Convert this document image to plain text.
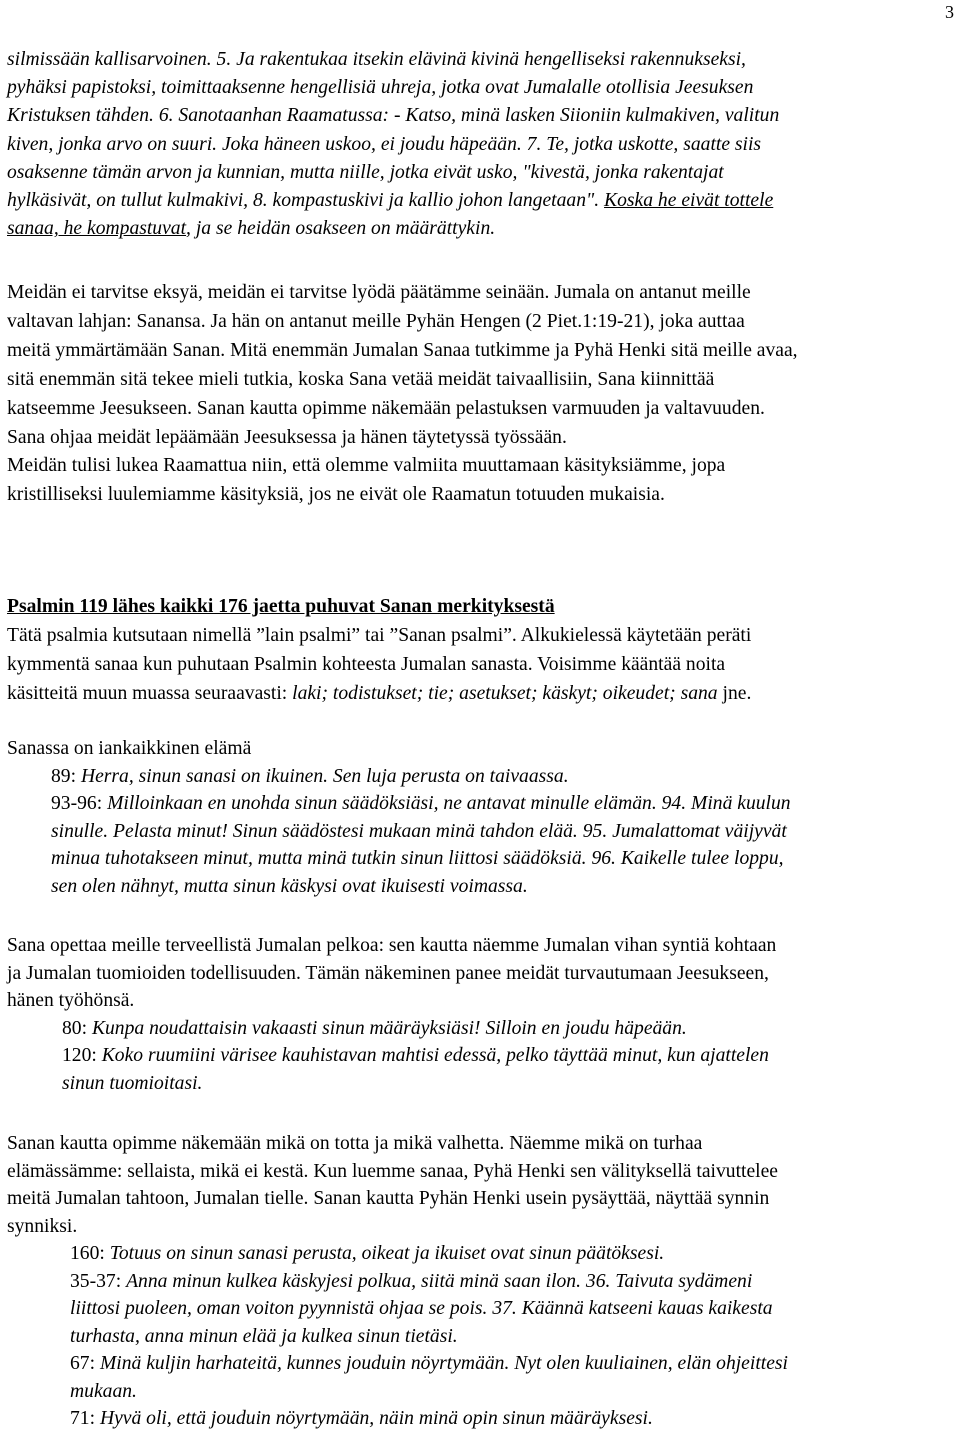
3
silmissään kallisarvoinen. 5. Ja rakentukaa itsekin elävinä kivinä hengelliseksi rakennukseksi,
pyhäksi papistoksi, toimittaaksenne hengellisiä uhreja, jotka ovat Jumalalle otollisia Jeesuksen
Kristuksen tähden. 6. Sanotaanhan Raamatussa: - Katso, minä lasken Siioniin kulmakiven, valitun
kiven, jonka arvo on suuri. Joka häneen uskoo, ei joudu häpeään. 7. Te, jotka uskotte, saatte siis
osaksenne tämän arvon ja kunnian, mutta niille, jotka eivät usko, "kivestä, jonka rakentajat
hylkäsivät, on tullut kulmakivi, 8. kompastuskivi ja kallio johon langetaan". Koska he eivät tottele
sanaa, he kompastuvat, ja se heidän osakseen on määrättykin.
Meidän ei tarvitse eksyä, meidän ei tarvitse lyödä päätämme seinään. Jumala on antanut meille
valtavan lahjan: Sanansa. Ja hän on antanut meille Pyhän Hengen (2 Piet.1:19-21), joka auttaa
meitä ymmärtämään Sanan. Mitä enemmän Jumalan Sanaa tutkimme ja Pyhä Henki sitä meille avaa,
sitä enemmän sitä tekee mieli tutkia, koska Sana vetää meidät taivaallisiin, Sana kiinnittää
katseemme Jeesukseen. Sanan kautta opimme näkemään pelastuksen varmuuden ja valtavuuden.
Sana ohjaa meidät lepäämään Jeesuksessa ja hänen täytetyssä työssään.
Meidän tulisi lukea Raamattua niin, että olemme valmiita muuttamaan käsityksiämme, jopa
kristilliseksi luulemiamme käsityksiä, jos ne eivät ole Raamatun totuuden mukaisia.
Psalmin 119 lähes kaikki 176 jaetta puhuvat Sanan merkityksestä
Tätä psalmia kutsutaan nimellä ”lain psalmi” tai ”Sanan psalmi”. Alkukielessä käytetään peräti
kymmentä sanaa kun puhutaan Psalmin kohteesta Jumalan sanasta. Voisimme kääntää noita
käsitteitä muun muassa seuraavasti: laki; todistukset; tie; asetukset; käskyt; oikeudet; sana jne.
Sanassa on iankaikkinen elämä
89: Herra, sinun sanasi on ikuinen. Sen luja perusta on taivaassa.
93-96: Milloinkaan en unohda sinun säädöksiäsi, ne antavat minulle elämän. 94. Minä kuulun
sinulle. Pelasta minut! Sinun säädöstesi mukaan minä tahdon elää. 95. Jumalattomat väijyvät
minua tuhotakseen minut, mutta minä tutkin sinun liittosi säädöksiä. 96. Kaikelle tulee loppu,
sen olen nähnyt, mutta sinun käskysi ovat ikuisesti voimassa.
Sana opettaa meille terveellistä Jumalan pelkoa: sen kautta näemme Jumalan vihan syntiä kohtaan
ja Jumalan tuomioiden todellisuuden. Tämän näkeminen panee meidät turvautumaan Jeesukseen,
hänen työhönsä.
80: Kunpa noudattaisin vakaasti sinun määräyksiäsi! Silloin en joudu häpeään.
120: Koko ruumiini värisee kauhistavan mahtisi edessä, pelko täyttää minut, kun ajattelen
sinun tuomioitasi.
Sanan kautta opimme näkemään mikä on totta ja mikä valhetta. Näemme mikä on turhaa
elämässämme: sellaista, mikä ei kestä. Kun luemme sanaa, Pyhä Henki sen välityksellä taivuttelee
meitä Jumalan tahtoon, Jumalan tielle. Sanan kautta Pyhän Henki usein pysäyttää, näyttää synnin
synniksi.
160: Totuus on sinun sanasi perusta, oikeat ja ikuiset ovat sinun päätöksesi.
35-37: Anna minun kulkea käskyjesi polkua, siitä minä saan ilon. 36. Taivuta sydämeni
liittosi puoleen, oman voiton pyynnistä ohjaa se pois. 37. Käännä katseeni kauas kaikesta
turhasta, anna minun elää ja kulkea sinun tietäsi.
67: Minä kuljin harhateitä, kunnes jouduin nöyrtymään. Nyt olen kuuliainen, elän ohjeittesi
mukaan.
71: Hyvä oli, että jouduin nöyrtymään, näin minä opin sinun määräyksesi.
